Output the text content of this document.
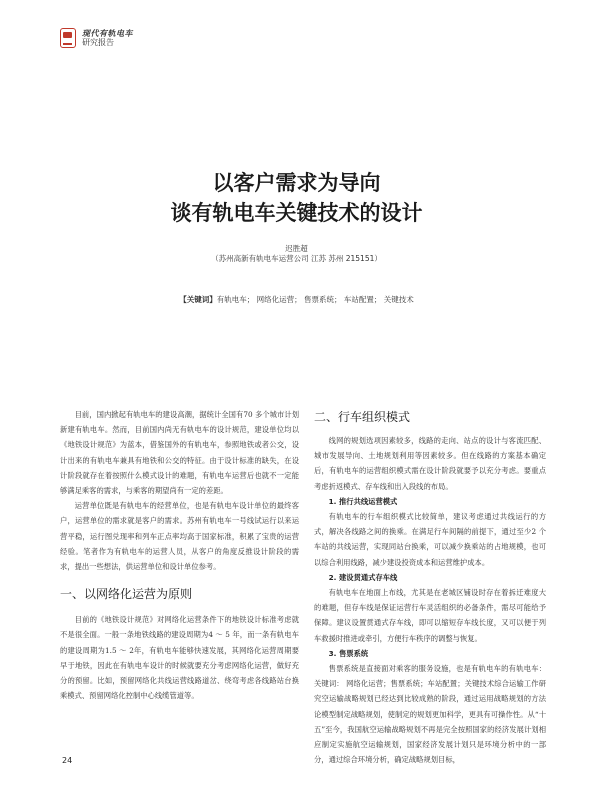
现代有轨电车
研究报告
以客户需求为导向
谈有轨电车关键技术的设计
迟胜超
（苏州高新有轨电车运营公司 江苏 苏州 215151）
【关键词】有轨电车； 网络化运营； 售票系统； 车站配置； 关键技术

目前，国内掀起有轨电车的建设高潮，据统计全国有70 多个城市计划新建有轨电车。然而，目前国内尚无有轨电车的设计规范，建设单位均以《地铁设计规范》为蓝本，借鉴国外的有轨电车，参照地铁或者公交，设计出来的有轨电车兼具有地铁和公交的特征。由于设计标准的缺失，在设计阶段就存在着按照什么模式设计的难题，有轨电车运营后也就不一定能够满足乘客的需求，与乘客的期望尚有一定的差距。

运营单位既是有轨电车的经营单位，也是有轨电车设计单位的最终客户，运营单位的需求就是客户的需求。苏州有轨电车一号线试运行以来运营平稳，运行图兑现率和列车正点率均高于国家标准，积累了宝贵的运营经验。笔者作为有轨电车的运营人员，从客户的角度反推设计阶段的需求，提出一些想法，供运营单位和设计单位参考。

一、以网络化运营为原则

目前的《地铁设计规范》对网络化运营条件下的地铁设计标准考虑就不是很全面。一般一条地铁线路的建设周期为4 ～ 5 年，而一条有轨电车的建设周期为1.5 ～ 2年，有轨电车能够快速发展，其网络化运营周期要早于地铁，因此在有轨电车设计的时候就要充分考虑网络化运营，做好充分的预留。比如，预留网络化共线运营线路道岔、绕弯考虑各线路站台换乘模式、预留网络化控制中心线缆管道等。

二、行车组织模式

线网的规划选项因素较多，线路的走向、站点的设计与客流匹配、城市发展导向、土地规划利用等因素较多。但在线路的方案基本确定后，有轨电车的运营组织模式需在设计阶段就要予以充分考虑。要重点考虑折返模式、存车线和出入段线的布局。

1. 推行共线运营模式

有轨电车的行车组织模式比较简单，建议考虑通过共线运行的方式，解决各线路之间的换乘。在满足行车间隔的前提下，通过至少2 个车站的共线运营，实现同站台换乘，可以减少换乘站的占地规模，也可以综合利用线路，减少建设投资成本和运营维护成本。

2. 建设贯通式存车线

有轨电车在地面上布线，尤其是在老城区铺设时存在着拆迁难度大的难题，但存车线是保证运营行车灵活组织的必备条件，需尽可能给予保障。建议设置贯通式存车线，即可以缩短存车线长度，又可以便于列车救援时推进或牵引，方便行车秩序的调整与恢复。

3. 售票系统

售票系统是直接面对乘客的服务设施，也是有轨电车的有轨电车：关键词： 网络化运营；售票系统；车站配置；关键技术综合运输工作研究空运输战略规划已经达到比较成熟的阶段，通过运用战略规划的方法论模型制定战略规划，使制定的规划更加科学，更具有可操作性。从“十五”至今，我国航空运输战略规划不再是完全按照国家的经济发展计划相应制定实施航空运输规划，国家经济发展计划只是环境分析中的一部分，通过综合环境分析，确定战略规划目标，

24
